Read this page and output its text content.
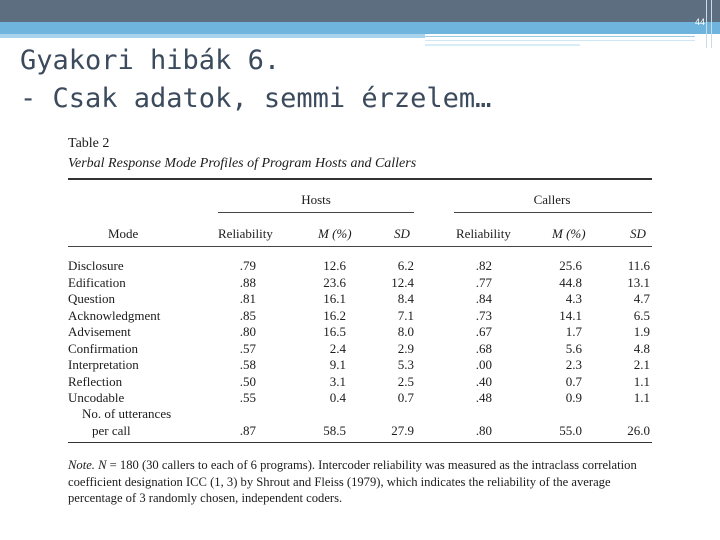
44
Gyakori hibák 6.
- Csak adatok, semmi érzelem…
Table 2
Verbal Response Mode Profiles of Program Hosts and Callers
Hosts	Callers
Mode	Reliability	M (%)	SD	Reliability	M (%)	SD
Disclosure	.79	12.6	6.2	.82	25.6	11.6
Edification	.88	23.6	12.4	.77	44.8	13.1
Question	.81	16.1	8.4	.84	4.3	4.7
Acknowledgment	.85	16.2	7.1	.73	14.1	6.5
Advisement	.80	16.5	8.0	.67	1.7	1.9
Confirmation	.57	2.4	2.9	.68	5.6	4.8
Interpretation	.58	9.1	5.3	.00	2.3	2.1
Reflection	.50	3.1	2.5	.40	0.7	1.1
Uncodable	.55	0.4	0.7	.48	0.9	1.1
No. of utterances
per call	.87	58.5	27.9	.80	55.0	26.0
Note. N = 180 (30 callers to each of 6 programs). Intercoder reliability was measured as the intraclass correlation coefficient designation ICC (1, 3) by Shrout and Fleiss (1979), which indicates the reliability of the average percentage of 3 randomly chosen, independent coders.
